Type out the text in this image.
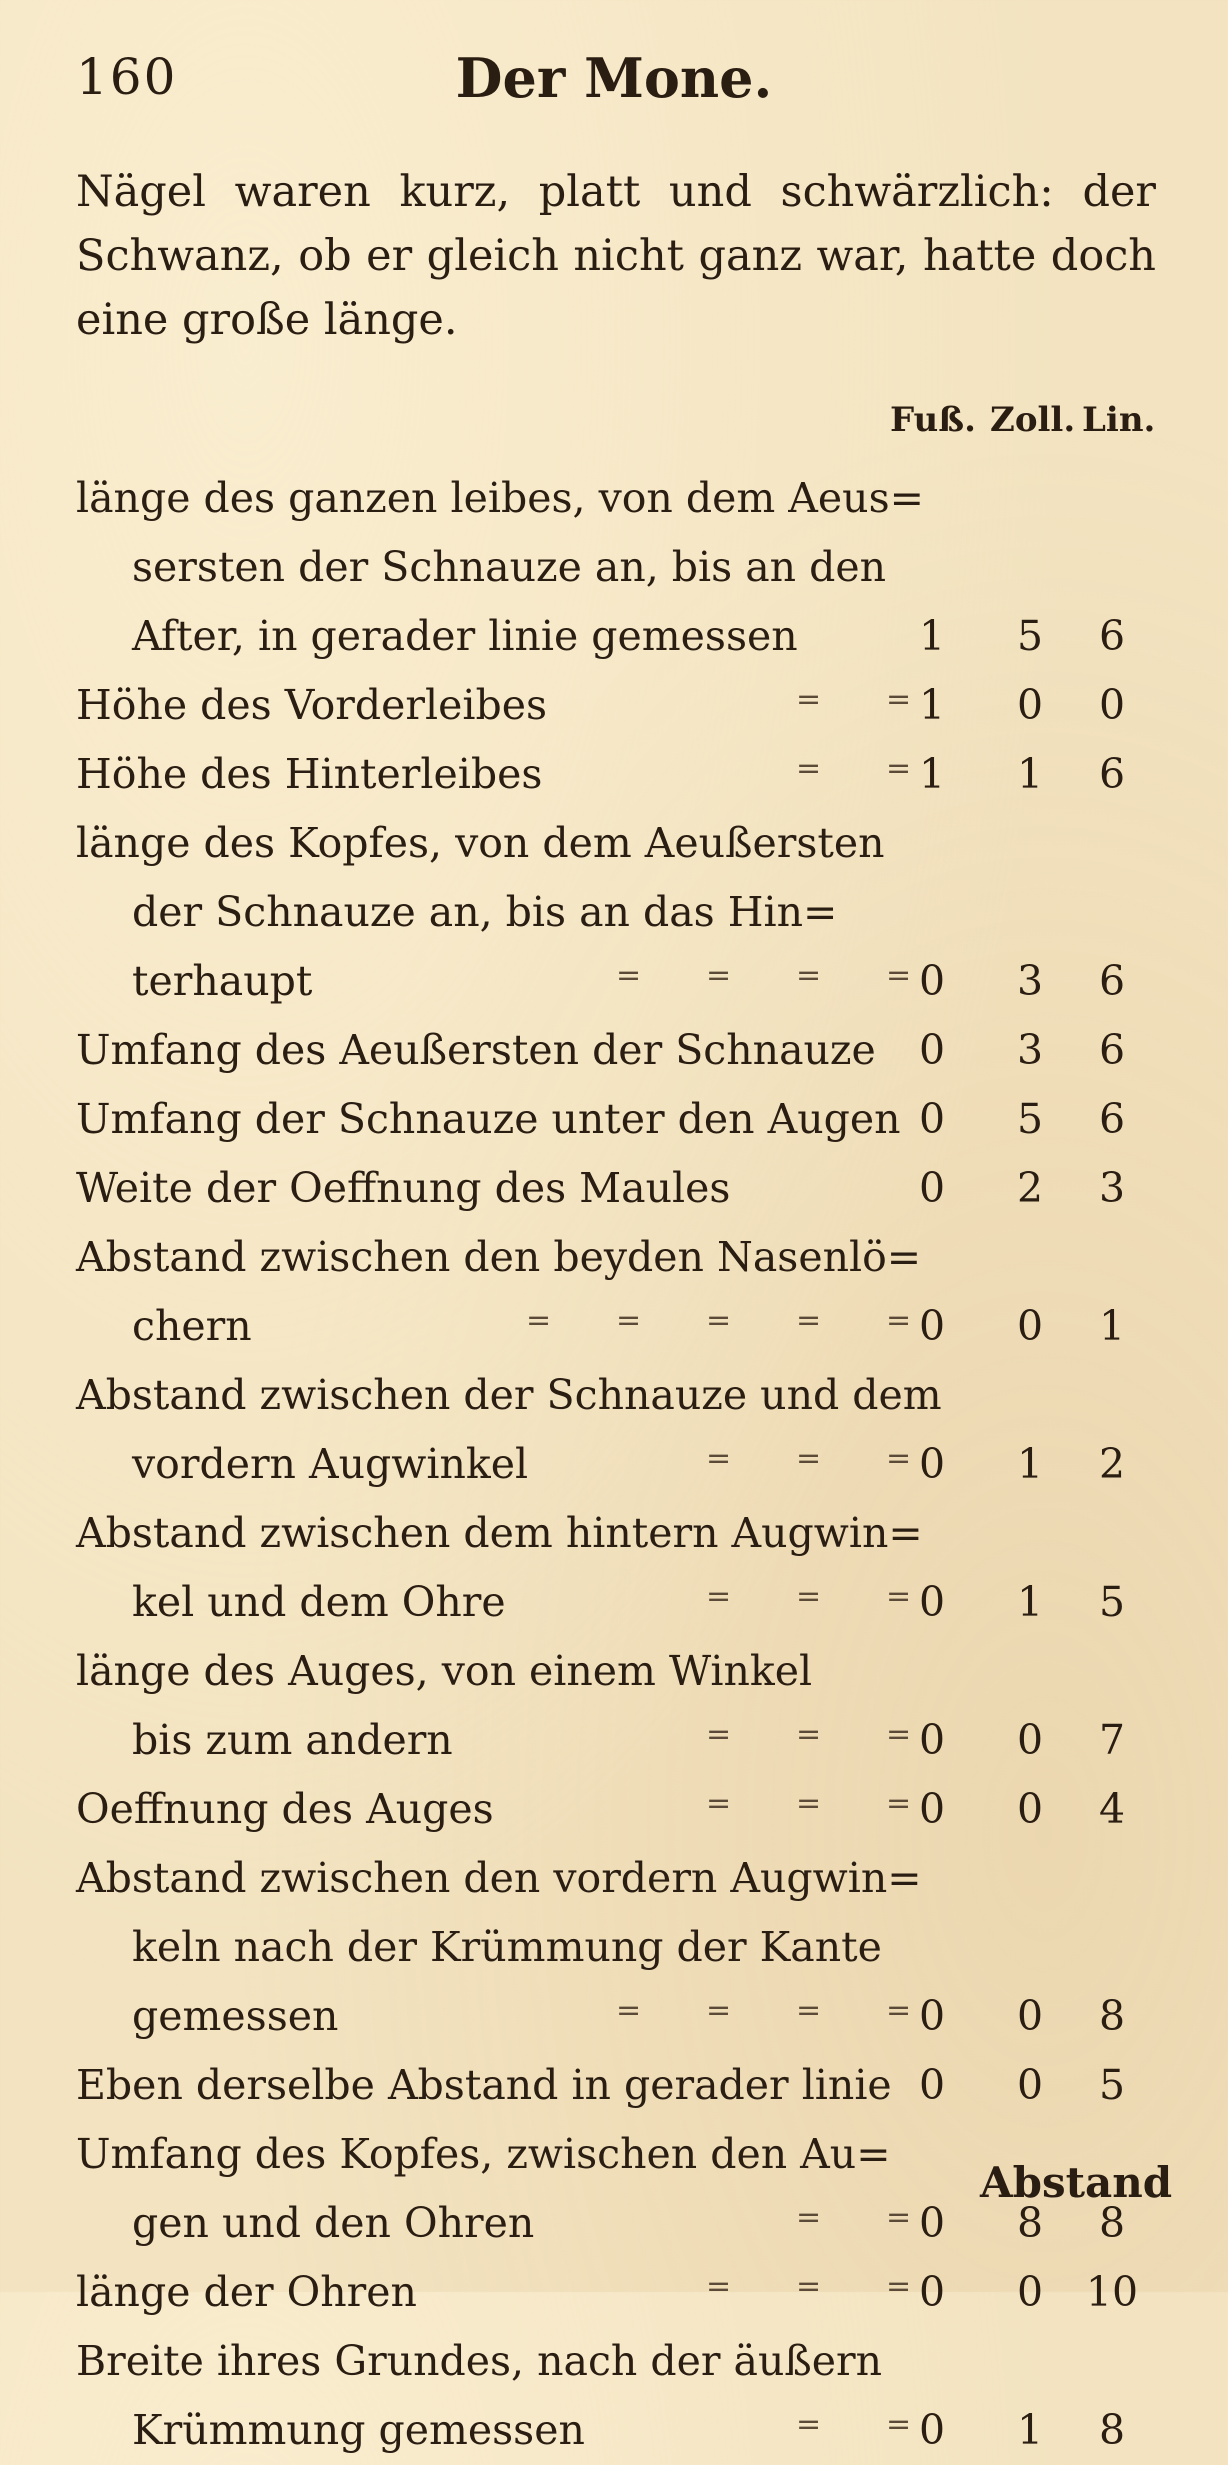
160	Der Mone.
Nägel waren kurz, platt und schwärzlich: der
Schwanz, ob er gleich nicht ganz war, hatte doch
eine große länge.
Fuß. Zoll. Lin.
länge des ganzen leibes, von dem Aeus=
sersten der Schnauze an, bis an den
After, in gerader linie gemessen	1	5	6
Höhe des Vorderleibes	= = 1	0	0
Höhe des Hinterleibes	= = 1	1	6
länge des Kopfes, von dem Aeußersten
der Schnauze an, bis an das Hin=
terhaupt	= = = = 0	3	6
Umfang des Aeußersten der Schnauze	0	3	6
Umfang der Schnauze unter den Augen 0	5	6
Weite der Oeffnung des Maules	0	2	3
Abstand zwischen den beyden Nasenlö=
chern	= = = = = 0	0	1
Abstand zwischen der Schnauze und dem
vordern Augwinkel	= = = 0	1	2
Abstand zwischen dem hintern Augwin=
kel und dem Ohre	= = = 0	1	5
länge des Auges, von einem Winkel
bis zum andern	= = = 0	0	7
Oeffnung des Auges	= = = 0	0	4
Abstand zwischen den vordern Augwin=
keln nach der Krümmung der Kante
gemessen	= = = = 0	0	8
Eben derselbe Abstand in gerader linie 0	0	5
Umfang des Kopfes, zwischen den Au=
gen und den Ohren	= = 0	8	8
länge der Ohren	= = = 0	0	10
Breite ihres Grundes, nach der äußern
Krümmung gemessen	= = 0	1	8
Abstand
